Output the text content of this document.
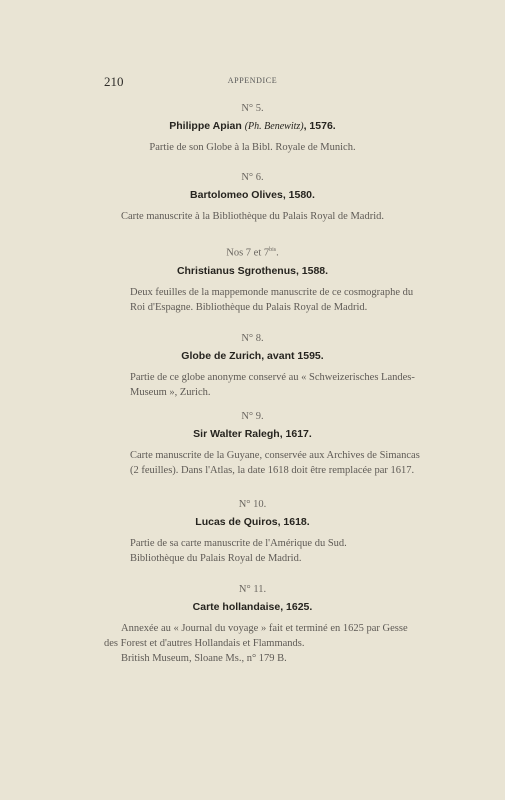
210	APPENDICE
N° 5.
Philippe Apian (Ph. Benewitz), 1576.
Partie de son Globe à la Bibl. Royale de Munich.
N° 6.
Bartolomeo Olives, 1580.
Carte manuscrite à la Bibliothèque du Palais Royal de Madrid.
Nos 7 et $7^{bis}$.
Christianus Sgrothenus, 1588.
Deux feuilles de la mappemonde manuscrite de ce cosmographe du
Roi d'Espagne. Bibliothèque du Palais Royal de Madrid.
N° 8.
Globe de Zurich, avant 1595.
Partie de ce globe anonyme conservé au « Schweizerisches Landes-
Museum », Zurich.
N° 9.
Sir Walter Ralegh, 1617.
Carte manuscrite de la Guyane, conservée aux Archives de Simancas
(2 feuilles). Dans l'Atlas, la date 1618 doit être remplacée par 1617.
N° 10.
Lucas de Quiros, 1618.
Partie de sa carte manuscrite de l'Amérique du Sud.
Bibliothèque du Palais Royal de Madrid.
N° 11.
Carte hollandaise, 1625.
Annexée au « Journal du voyage » fait et terminé en 1625 par Gesse
des Forest et d'autres Hollandais et Flammands.
British Museum, Sloane Ms., n° 179 B.
